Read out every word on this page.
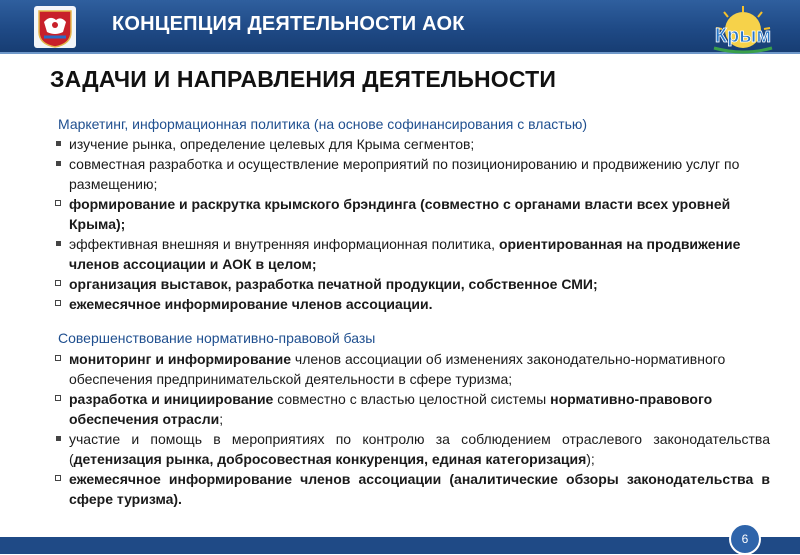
КОНЦЕПЦИЯ ДЕЯТЕЛЬНОСТИ АОК
Крым
ЗАДАЧИ И НАПРАВЛЕНИЯ ДЕЯТЕЛЬНОСТИ

Маркетинг, информационная политика (на основе софинансирования с властью)

изучение рынка, определение целевых для Крыма сегментов;
совместная разработка и осуществление мероприятий по позиционированию и продвижению услуг по размещению;
формирование и раскрутка крымского брэндинга (совместно с органами власти всех уровней Крыма);
эффективная внешняя и внутренняя информационная политика, ориентированная на продвижение членов ассоциации и АОК в целом;
организация выставок, разработка печатной продукции, собственное СМИ;
ежемесячное информирование членов ассоциации.

Совершенствование нормативно-правовой базы

мониторинг и информирование членов ассоциации об изменениях законодательно-нормативного обеспечения предпринимательской деятельности в сфере туризма;
разработка и инициирование совместно с властью целостной системы нормативно-правового обеспечения отрасли;
участие и помощь в мероприятиях по контролю за соблюдением отраслевого законодательства (детенизация рынка, добросовестная конкуренция, единая категоризация);
ежемесячное информирование членов ассоциации (аналитические обзоры законодательства в сфере туризма).
6
